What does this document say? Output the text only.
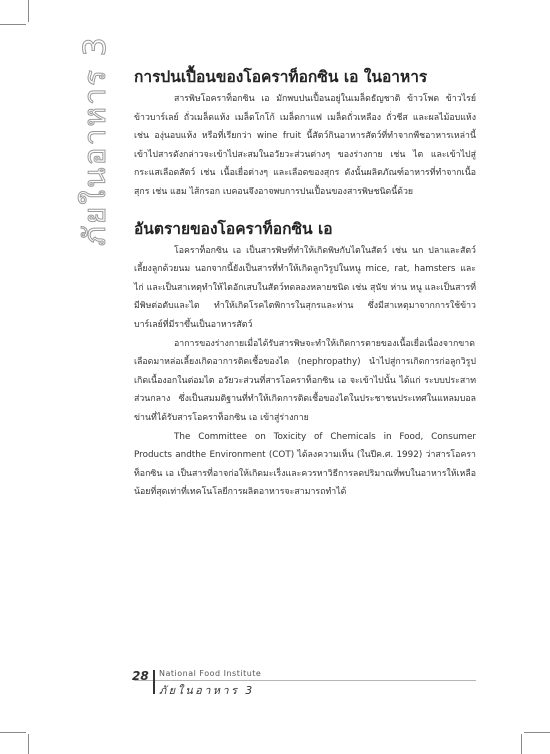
ภัยในอาหาร 3 การปนเปื้อนของโอคราท็อกซิน เอ ในอาหาร

สารพิษโอคราท็อกซิน เอ มักพบปนเปื้อนอยู่ในเมล็ดธัญชาติ ข้าวโพด ข้าวไรย์ ข้าวบาร์เลย์ ถั่วเมล็ดแห้ง เมล็ดโกโก้ เมล็ดกาแฟ เมล็ดถั่วเหลือง ถั่วชีส และผลไม้อบแห้ง เช่น องุ่นอบแห้ง หรือที่เรียกว่า wine fruit นี้สัตว์กินอาหารสัตว์ที่ทำจากพืชอาหารเหล่านี้เข้าไปสารดังกล่าวจะเข้าไปสะสมในอวัยวะส่วนต่างๆ ของร่างกาย เช่น ไต และเข้าไปสู่กระแสเลือดสัตว์ เช่น เนื้อเยื่อต่างๆ และเลือดของสุกร ดังนั้นผลิตภัณฑ์อาหารที่ทำจากเนื้อสุกร เช่น แฮม ไส้กรอก เบคอนจึงอาจพบการปนเปื้อนของสารพิษชนิดนี้ด้วย

อันตรายของโอคราท็อกซิน เอ

โอคราท็อกซิน เอ เป็นสารพิษที่ทำให้เกิดพิษกับไตในสัตว์ เช่น นก ปลาและสัตว์เลี้ยงลูกด้วยนม นอกจากนี้ยังเป็นสารที่ทำให้เกิดลูกวิรูปในหนู mice, rat, hamsters และไก่ และเป็นสาเหตุทำให้ไตอักเสบในสัตว์ทดลองหลายชนิด เช่น สุนัข ห่าน หนู และเป็นสารที่มีพิษต่อตับและไต ทำให้เกิดโรคไตพิการในสุกรและห่าน ซึ่งมีสาเหตุมาจากการใช้ข้าวบาร์เลย์ที่มีราขึ้นเป็นอาหารสัตว์

อาการของร่างกายเมื่อได้รับสารพิษจะทำให้เกิดการตายของเนื้อเยื่อเนื่องจากขาดเลือดมาหล่อเลี้ยงเกิดอาการติดเชื้อของไต (nephropathy) นำไปสู่การเกิดการก่อลูกวิรูป เกิดเนื้องอกในต่อมไต อวัยวะส่วนที่สารโอคราท็อกซิน เอ จะเข้าไปนั้น ได้แก่ ระบบประสาทส่วนกลาง ซึ่งเป็นสมมติฐานที่ทำให้เกิดการติดเชื้อของไตในประชาชนประเทศในแหลมบอลข่านที่ได้รับสารโอคราท็อกซิน เอ เข้าสู่ร่างกาย

The Committee on Toxicity of Chemicals in Food, Consumer Products andthe Environment (COT) ได้ลงความเห็น (ในปีค.ศ. 1992) ว่าสารโอคราท็อกซิน เอ เป็นสารที่อาจก่อให้เกิดมะเร็งและควรหาวิธีการลดปริมาณที่พบในอาหารให้เหลือน้อยที่สุดเท่าที่เทคโนโลยีการผลิตอาหารจะสามารถทำได้

28 National Food Institute
ภัยในอาหาร 3
